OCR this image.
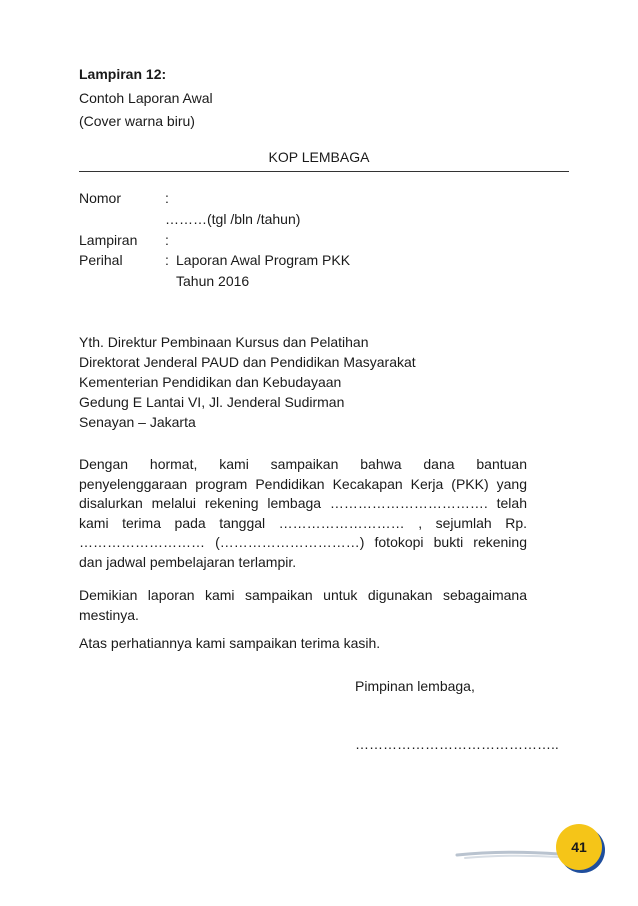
Lampiran 12:
Contoh Laporan Awal
(Cover warna biru)
KOP LEMBAGA
Nomor	:
………(tgl /bln /tahun)
Lampiran :
Perihal	: Laporan Awal Program PKK
Tahun 2016
Yth. Direktur Pembinaan Kursus dan Pelatihan
Direktorat Jenderal PAUD dan Pendidikan Masyarakat
Kementerian Pendidikan dan Kebudayaan
Gedung E Lantai VI, Jl. Jenderal Sudirman
Senayan – Jakarta
Dengan hormat, kami sampaikan bahwa dana bantuan penyelenggaraan program Pendidikan Kecakapan Kerja (PKK) yang disalurkan melalui rekening lembaga ……………………………. telah kami terima pada tanggal ……………………… , sejumlah Rp. ……………………… (…………………………) fotokopi bukti rekening dan jadwal pembelajaran terlampir.
Demikian laporan kami sampaikan untuk digunakan sebagaimana mestinya.
Atas perhatiannya kami sampaikan terima kasih.
Pimpinan lembaga,
……………………………………..
41
